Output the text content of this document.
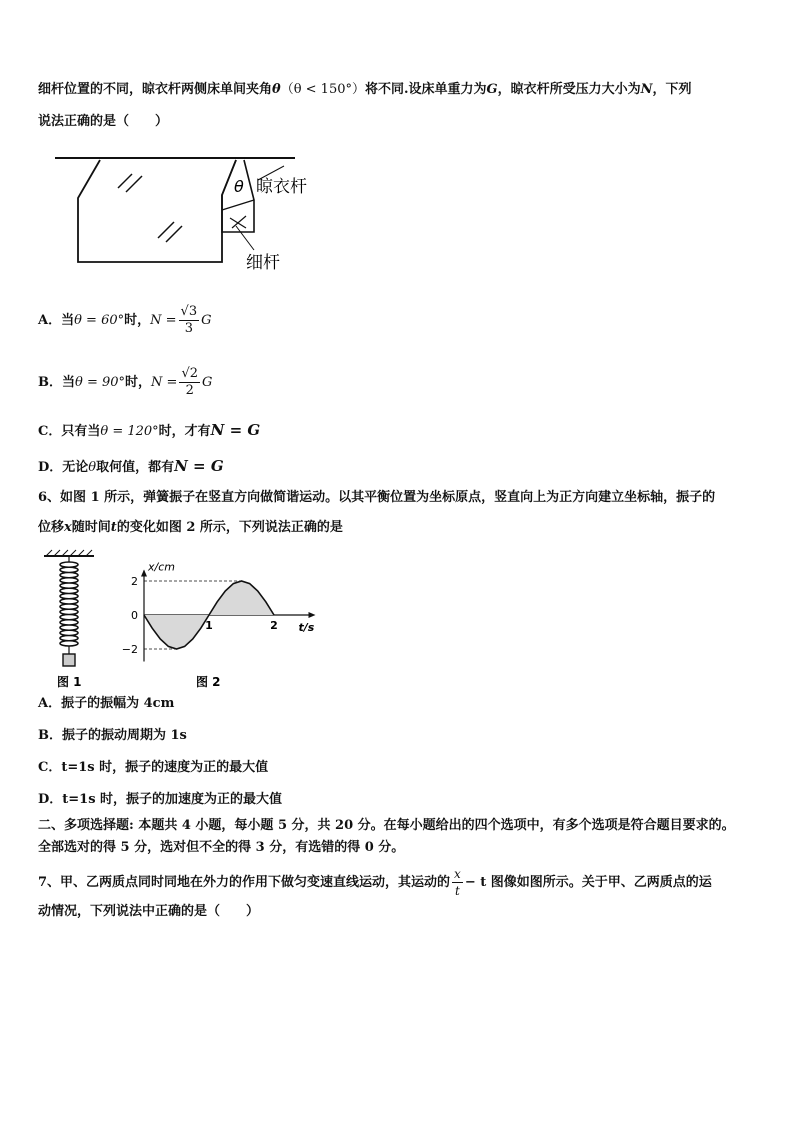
细杆位置的不同，晾衣杆两侧床单间夹角θ（θ < 150°）将不同.设床单重力为G，晾衣杆所受压力大小为N，下列
说法正确的是（　　）
θ 晾衣杆
细杆
A．当θ = 60°时，$N = \frac{√3}{3}$ G
B．当θ = 90°时，$N = \frac{√2}{2}$ G
C．只有当θ = 120°时，才有N = G
D．无论θ取何值，都有N = G
6、如图 1 所示，弹簧振子在竖直方向做简谐运动。以其平衡位置为坐标原点，竖直向上为正方向建立坐标轴，振子的
位移x随时间t的变化如图 2 所示，下列说法正确的是
图 1
x/cm
t/s
2
0
−2
1	2
图 2
A．振子的振幅为 4cm
B．振子的振动周期为 1s
C．t=1s 时，振子的速度为正的最大值
D．t=1s 时，振子的加速度为正的最大值
二、多项选择题: 本题共 4 小题，每小题 5 分，共 20 分。在每小题给出的四个选项中，有多个选项是符合题目要求的。
全部选对的得 5 分，选对但不全的得 3 分，有选错的得 0 分。
7、甲、乙两质点同时同地在外力的作用下做匀变速直线运动，其运动的 $\frac{x}{t} - t$ 图像如图所示。关于甲、乙两质点的运
动情况，下列说法中正确的是（　　）
